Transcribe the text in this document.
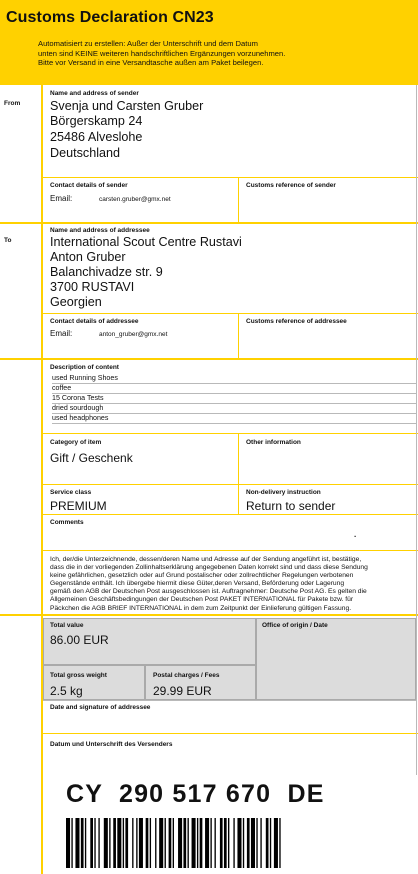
Customs Declaration CN23
Automatisiert zu erstellen: Außer der Unterschrift und dem Datum
unten sind KEINE weiteren handschriftlichen Ergänzungen vorzunehmen.
Bitte vor Versand in eine Versandtasche außen am Paket beilegen.
From
Name and address of sender
Svenja und Carsten Gruber
Börgerskamp 24
25486 Alveslohe
Deutschland
Contact details of sender
Email:	carsten.gruber@gmx.net
Customs reference of sender
To
Name and address of addressee
International Scout Centre Rustavi
Anton Gruber
Balanchivadze str. 9
3700 RUSTAVI
Georgien
Contact details of addressee
Email:	anton_gruber@gmx.net
Customs reference of addressee
Description of content
used Running Shoes
coffee
15 Corona Tests
dried sourdough
used headphones
Category of item
Gift / Geschenk
Other information
Service class
PREMIUM
Non-delivery instruction
Return to sender
Comments
.
Ich, der/die Unterzeichnende, dessen/deren Name und Adresse auf der Sendung angeführt ist, bestätige,
dass die in der vorliegenden Zollinhaltserklärung angegebenen Daten korrekt sind und dass diese Sendung
keine gefährlichen, gesetzlich oder auf Grund postalischer oder zollrechtlicher Regelungen verbotenen
Gegenstände enthält. Ich übergebe hiermit diese Güter,deren Versand, Beförderung oder Lagerung
gemäß den AGB der Deutschen Post ausgeschlossen ist. Auftragnehmer: Deutsche Post AG. Es gelten die
Allgemeinen Geschäftsbedingungen der Deutschen Post PAKET INTERNATIONAL für Pakete bzw. für
Päckchen die AGB BRIEF INTERNATIONAL in dem zum Zeitpunkt der Einlieferung gültigen Fassung.
Total value
86.00 EUR
Office of origin / Date
Total gross weight
2.5 kg
Postal charges / Fees
29.99 EUR
Date and signature of addressee
Datum und Unterschrift des Versenders
CY  290 517 670  DE
